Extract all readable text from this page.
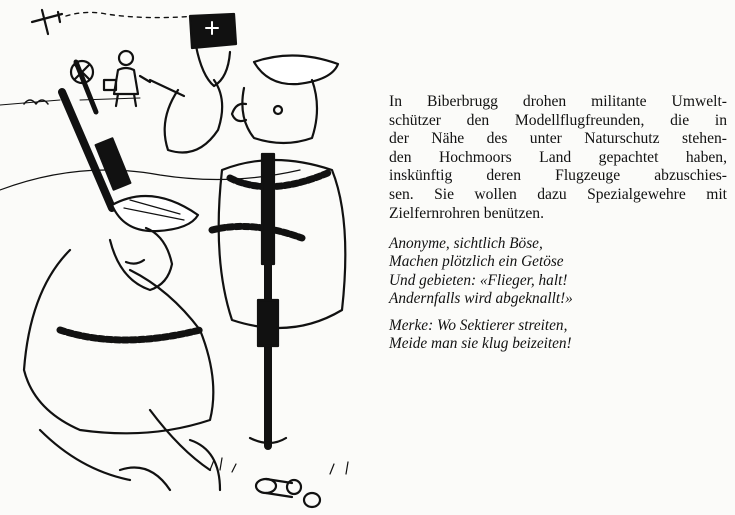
In Biberbrugg drohen militante Umwelt-
schützer den Modellflugfreunden, die in
der Nähe des unter Naturschutz stehen-
den Hochmoors Land gepachtet haben,
inskünftig deren Flugzeuge abzuschies-
sen. Sie wollen dazu Spezialgewehre mit
Zielfernrohren benützen.

Anonyme, sichtlich Böse,
Machen plötzlich ein Getöse
Und gebieten: «Flieger, halt!
Andernfalls wird abgeknallt!»

Merke: Wo Sektierer streiten,
Meide man sie klug beizeiten!
